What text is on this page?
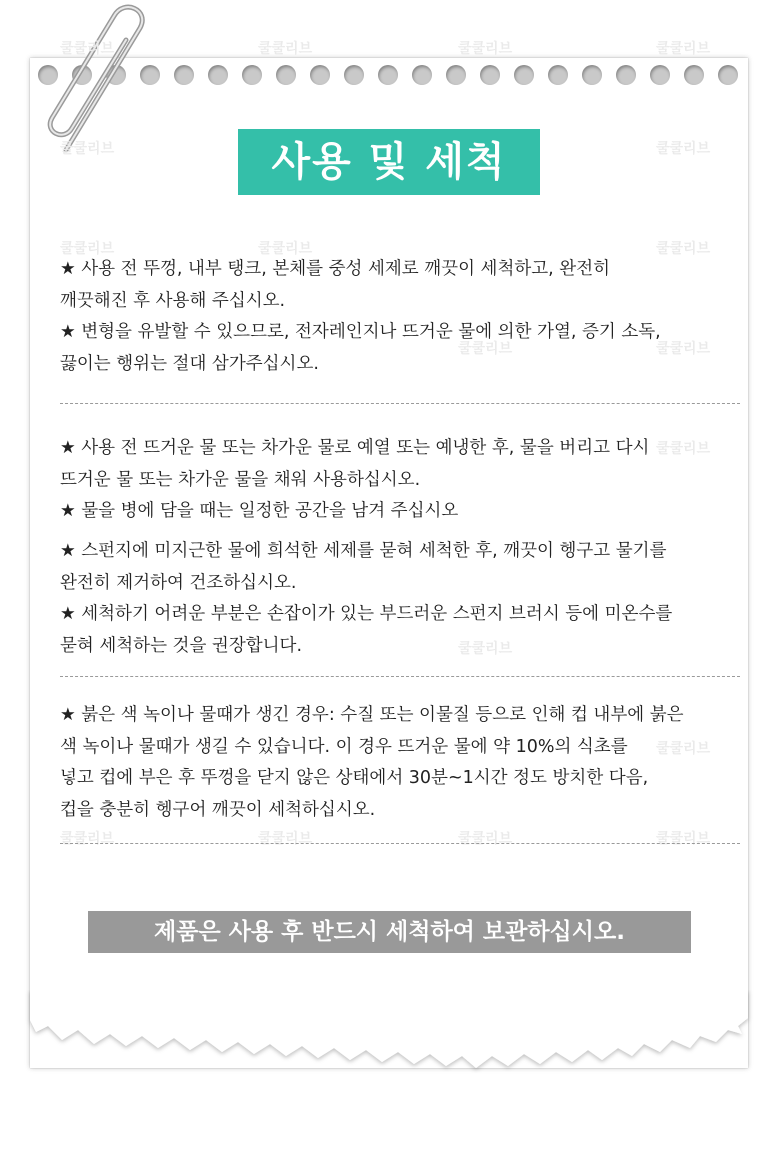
쿨쿨리브	쿨쿨리브	쿨쿨리브	쿨쿨리브
쿨쿨리브	쿨쿨리브
쿨쿨리브	쿨쿨리브	쿨쿨리브
쿨쿨리브	쿨쿨리브
쿨쿨리브
쿨쿨리브
쿨쿨리브
쿨쿨리브	쿨쿨리브	쿨쿨리브	쿨쿨리브
사용 및 세척

★ 사용 전 뚜껑, 내부 탱크, 본체를 중성 세제로 깨끗이 세척하고, 완전히

깨끗해진 후 사용해 주십시오.

★ 변형을 유발할 수 있으므로, 전자레인지나 뜨거운 물에 의한 가열, 증기 소독,

끓이는 행위는 절대 삼가주십시오.

★ 사용 전 뜨거운 물 또는 차가운 물로 예열 또는 예냉한 후, 물을 버리고 다시

뜨거운 물 또는 차가운 물을 채워 사용하십시오.

★ 물을 병에 담을 때는 일정한 공간을 남겨 주십시오

★ 스펀지에 미지근한 물에 희석한 세제를 묻혀 세척한 후, 깨끗이 헹구고 물기를

완전히 제거하여 건조하십시오.

★ 세척하기 어려운 부분은 손잡이가 있는 부드러운 스펀지 브러시 등에 미온수를

묻혀 세척하는 것을 권장합니다.

★ 붉은 색 녹이나 물때가 생긴 경우: 수질 또는 이물질 등으로 인해 컵 내부에 붉은

색 녹이나 물때가 생길 수 있습니다. 이 경우 뜨거운 물에 약 10%의 식초를

넣고 컵에 부은 후 뚜껑을 닫지 않은 상태에서 30분~1시간 정도 방치한 다음,

컵을 충분히 헹구어 깨끗이 세척하십시오.

제품은 사용 후 반드시 세척하여 보관하십시오.
